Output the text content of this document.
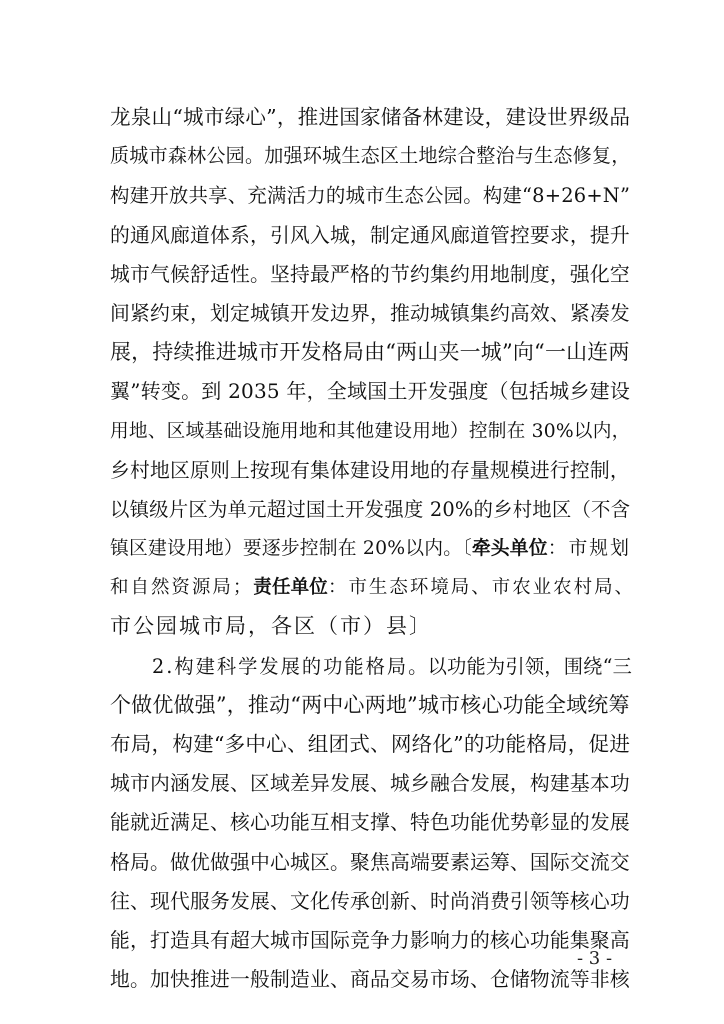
龙泉山“城市绿心”，推进国家储备林建设，建设世界级品
质城市森林公园。加强环城生态区土地综合整治与生态修复，
构建开放共享、充满活力的城市生态公园。构建“8+26+N”
的通风廊道体系，引风入城，制定通风廊道管控要求，提升
城市气候舒适性。坚持最严格的节约集约用地制度，强化空
间紧约束，划定城镇开发边界，推动城镇集约高效、紧凑发
展，持续推进城市开发格局由“两山夹一城”向“一山连两
翼”转变。到 2035 年，全域国土开发强度（包括城乡建设
用地、区域基础设施用地和其他建设用地）控制在 30%以内，
乡村地区原则上按现有集体建设用地的存量规模进行控制，
以镇级片区为单元超过国土开发强度 20%的乡村地区（不含
镇区建设用地）要逐步控制在 20%以内。〔牵头单位：市规划
和自然资源局；责任单位：市生态环境局、市农业农村局、
市公园城市局，各区（市）县〕
2.构建科学发展的功能格局。以功能为引领，围绕“三
个做优做强”，推动“两中心两地”城市核心功能全域统筹
布局，构建“多中心、组团式、网络化”的功能格局，促进
城市内涵发展、区域差异发展、城乡融合发展，构建基本功
能就近满足、核心功能互相支撑、特色功能优势彰显的发展
格局。做优做强中心城区。聚焦高端要素运筹、国际交流交
往、现代服务发展、文化传承创新、时尚消费引领等核心功
能，打造具有超大城市国际竞争力影响力的核心功能集聚高
地。加快推进一般制造业、商品交易市场、仓储物流等非核
- 3 -
